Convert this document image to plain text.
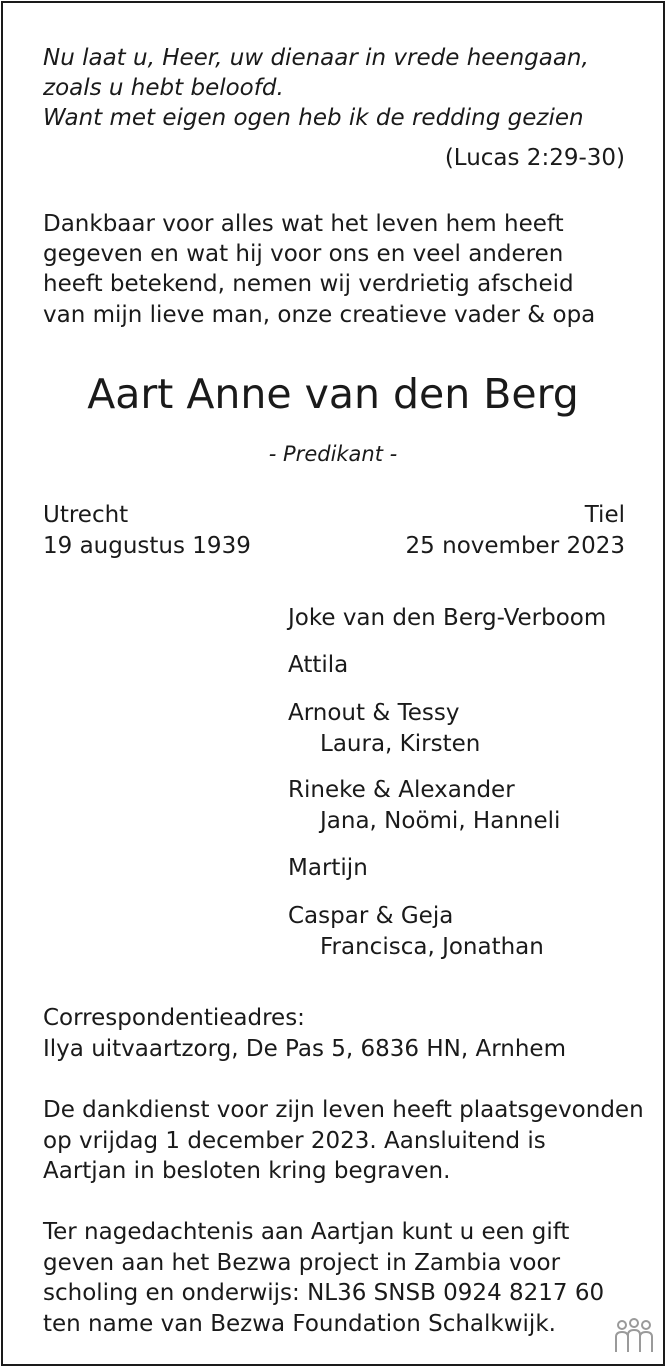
Nu laat u, Heer, uw dienaar in vrede heengaan,
zoals u hebt beloofd.
Want met eigen ogen heb ik de redding gezien
(Lucas 2:29-30)
Dankbaar voor alles wat het leven hem heeft
gegeven en wat hij voor ons en veel anderen
heeft betekend, nemen wij verdrietig afscheid
van mijn lieve man, onze creatieve vader & opa
Aart Anne van den Berg
- Predikant -
Utrecht
19 augustus 1939
Tiel
25 november 2023
Joke van den Berg-Verboom
Attila
Arnout & Tessy
Laura, Kirsten
Rineke & Alexander
Jana, Noömi, Hanneli
Martijn
Caspar & Geja
Francisca, Jonathan
Correspondentieadres:
Ilya uitvaartzorg, De Pas 5, 6836 HN, Arnhem
De dankdienst voor zijn leven heeft plaatsgevonden
op vrijdag 1 december 2023. Aansluitend is
Aartjan in besloten kring begraven.
Ter nagedachtenis aan Aartjan kunt u een gift
geven aan het Bezwa project in Zambia voor
scholing en onderwijs: NL36 SNSB 0924 8217 60
ten name van Bezwa Foundation Schalkwijk.
